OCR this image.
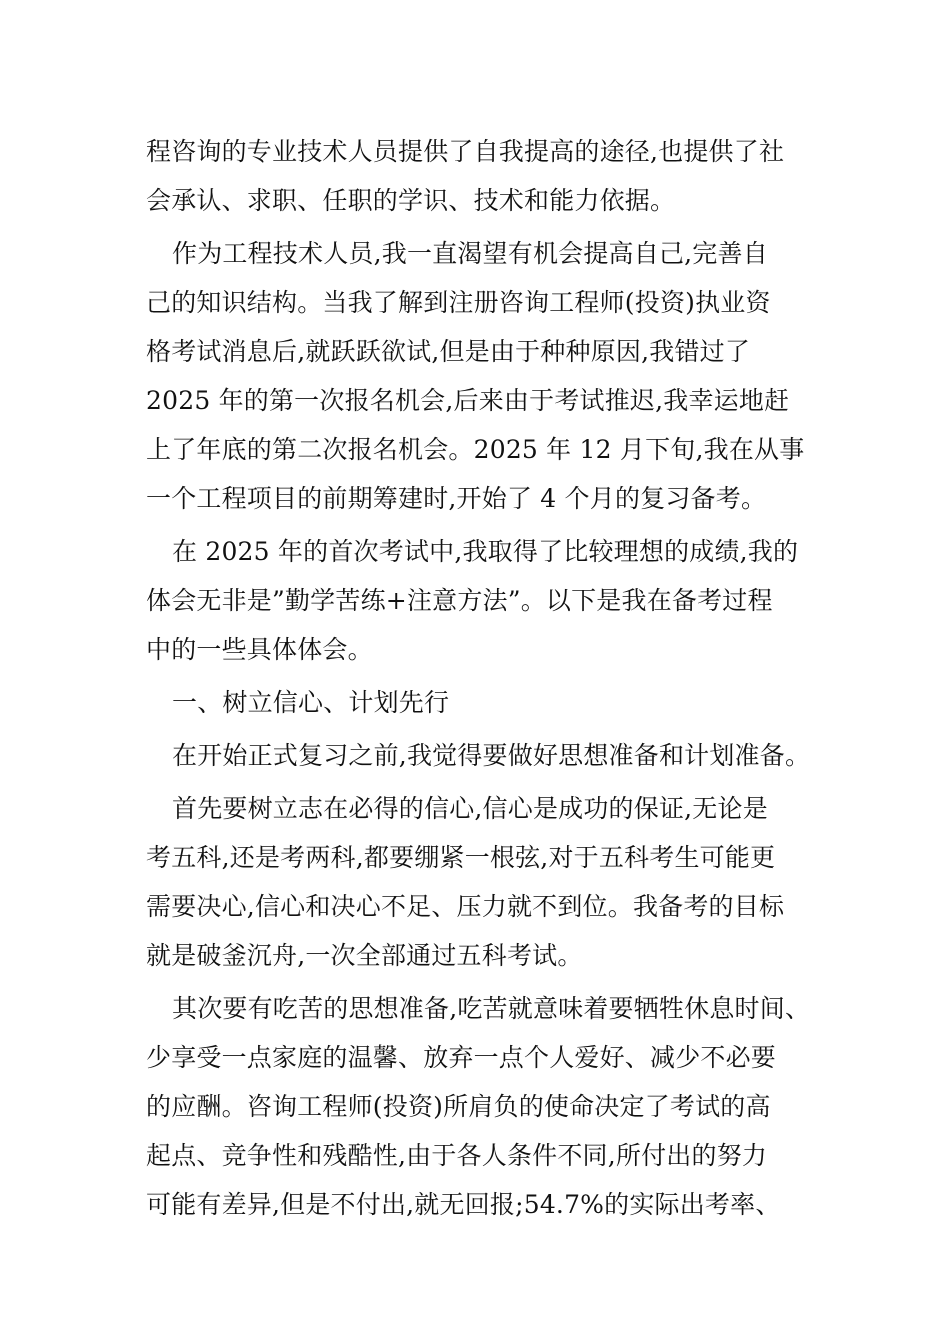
程咨询的专业技术人员提供了自我提高的途径,也提供了社
会承认、求职、任职的学识、技术和能力依据。

作为工程技术人员,我一直渴望有机会提高自己,完善自
己的知识结构。当我了解到注册咨询工程师(投资)执业资
格考试消息后,就跃跃欲试,但是由于种种原因,我错过了
2025 年的第一次报名机会,后来由于考试推迟,我幸运地赶
上了年底的第二次报名机会。2025 年 12 月下旬,我在从事
一个工程项目的前期筹建时,开始了 4 个月的复习备考。

在 2025 年的首次考试中,我取得了比较理想的成绩,我的
体会无非是”勤学苦练+注意方法”。以下是我在备考过程
中的一些具体体会。

一、树立信心、计划先行

在开始正式复习之前,我觉得要做好思想准备和计划准备。

首先要树立志在必得的信心,信心是成功的保证,无论是
考五科,还是考两科,都要绷紧一根弦,对于五科考生可能更
需要决心,信心和决心不足、压力就不到位。我备考的目标
就是破釜沉舟,一次全部通过五科考试。

其次要有吃苦的思想准备,吃苦就意味着要牺牲休息时间、
少享受一点家庭的温馨、放弃一点个人爱好、减少不必要
的应酬。咨询工程师(投资)所肩负的使命决定了考试的高
起点、竞争性和残酷性,由于各人条件不同,所付出的努力
可能有差异,但是不付出,就无回报;54.7%的实际出考率、
